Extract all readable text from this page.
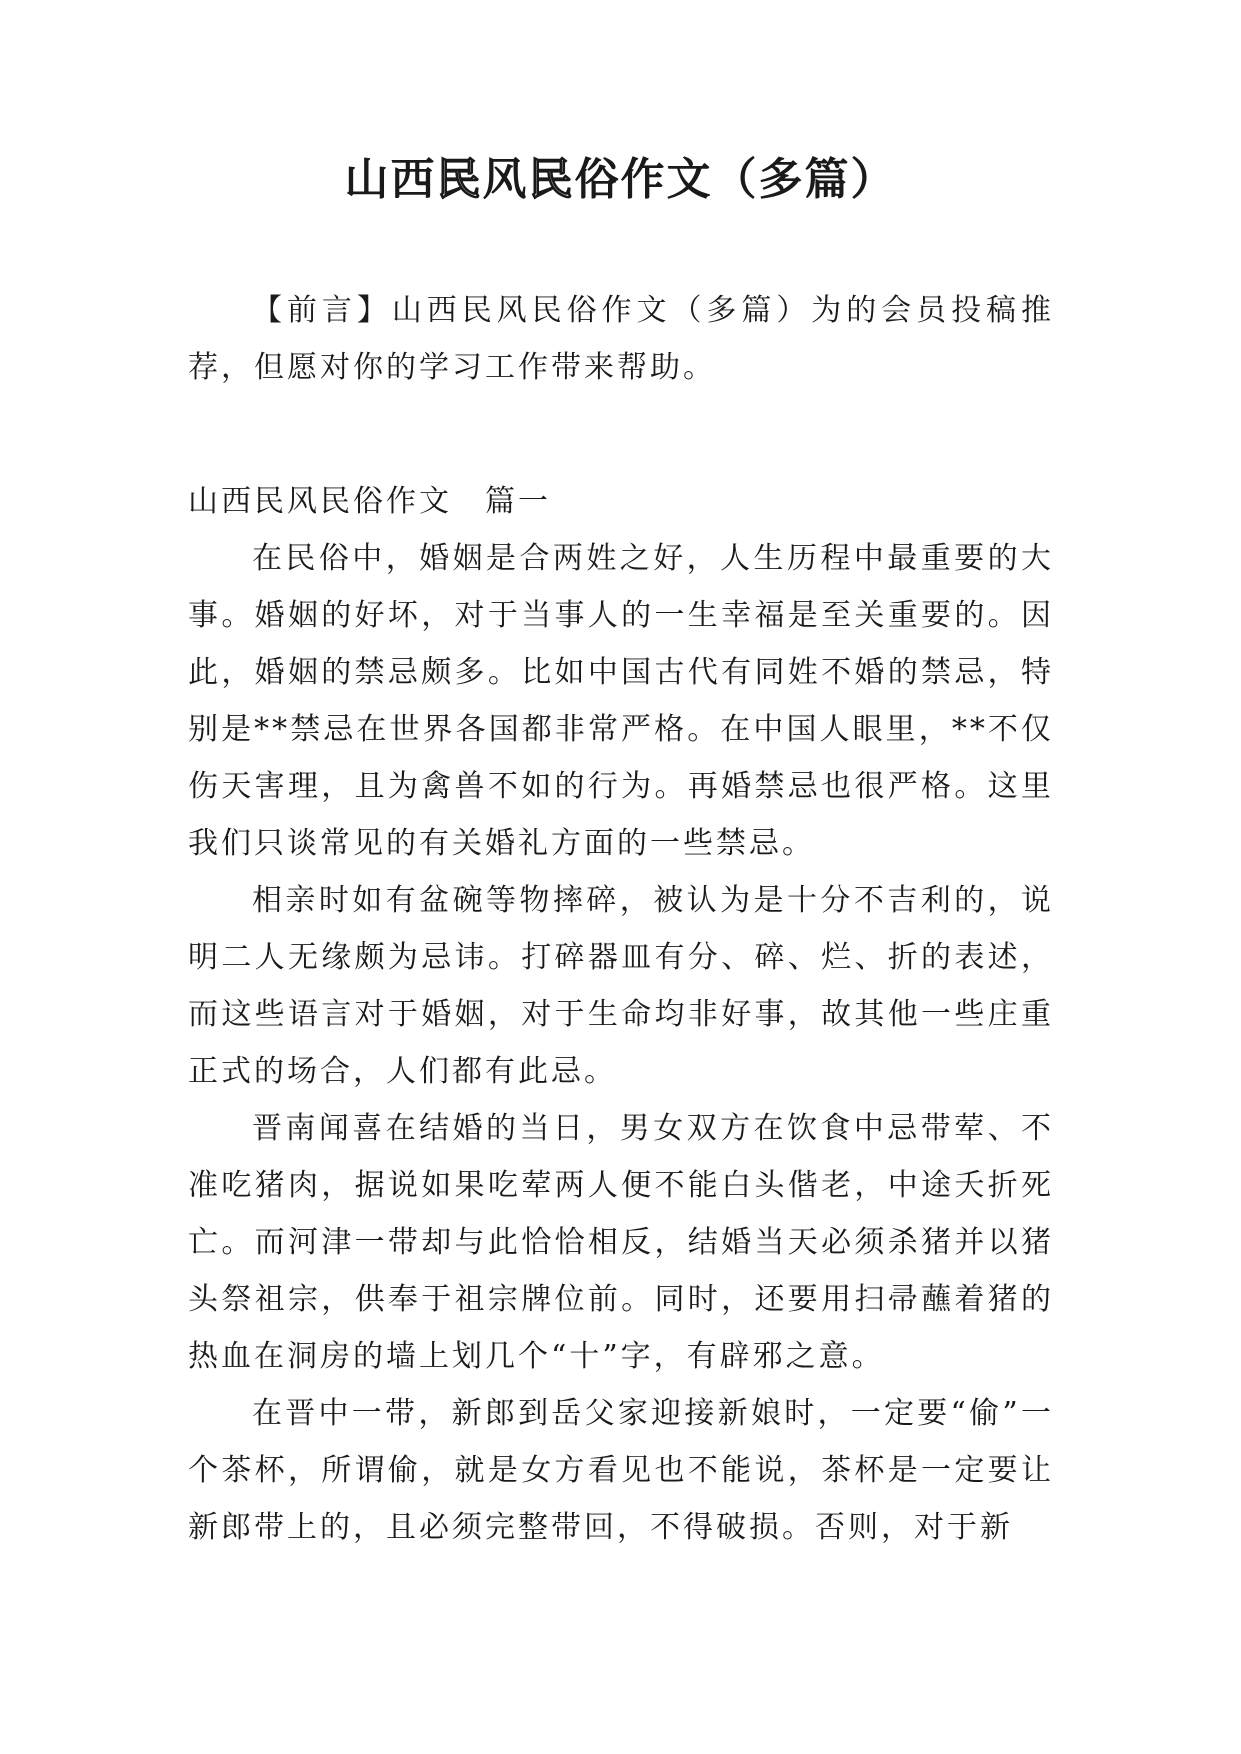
山西民风民俗作文（多篇）

【前言】山西民风民俗作文（多篇）为的会员投稿推荐，但愿对你的学习工作带来帮助。

山西民风民俗作文　篇一

在民俗中，婚姻是合两姓之好，人生历程中最重要的大事。婚姻的好坏，对于当事人的一生幸福是至关重要的。因此，婚姻的禁忌颇多。比如中国古代有同姓不婚的禁忌，特别是**禁忌在世界各国都非常严格。在中国人眼里，**不仅伤天害理，且为禽兽不如的行为。再婚禁忌也很严格。这里我们只谈常见的有关婚礼方面的一些禁忌。

相亲时如有盆碗等物摔碎，被认为是十分不吉利的，说明二人无缘颇为忌讳。打碎器皿有分、碎、烂、折的表述，而这些语言对于婚姻，对于生命均非好事，故其他一些庄重正式的场合，人们都有此忌。

晋南闻喜在结婚的当日，男女双方在饮食中忌带荤、不准吃猪肉，据说如果吃荤两人便不能白头偕老，中途夭折死亡。而河津一带却与此恰恰相反，结婚当天必须杀猪并以猪头祭祖宗，供奉于祖宗牌位前。同时，还要用扫帚蘸着猪的热血在洞房的墙上划几个“十”字，有辟邪之意。

在晋中一带，新郎到岳父家迎接新娘时，一定要“偷”一个茶杯，所谓偷，就是女方看见也不能说，茶杯是一定要让新郎带上的，且必须完整带回，不得破损。否则，对于新
